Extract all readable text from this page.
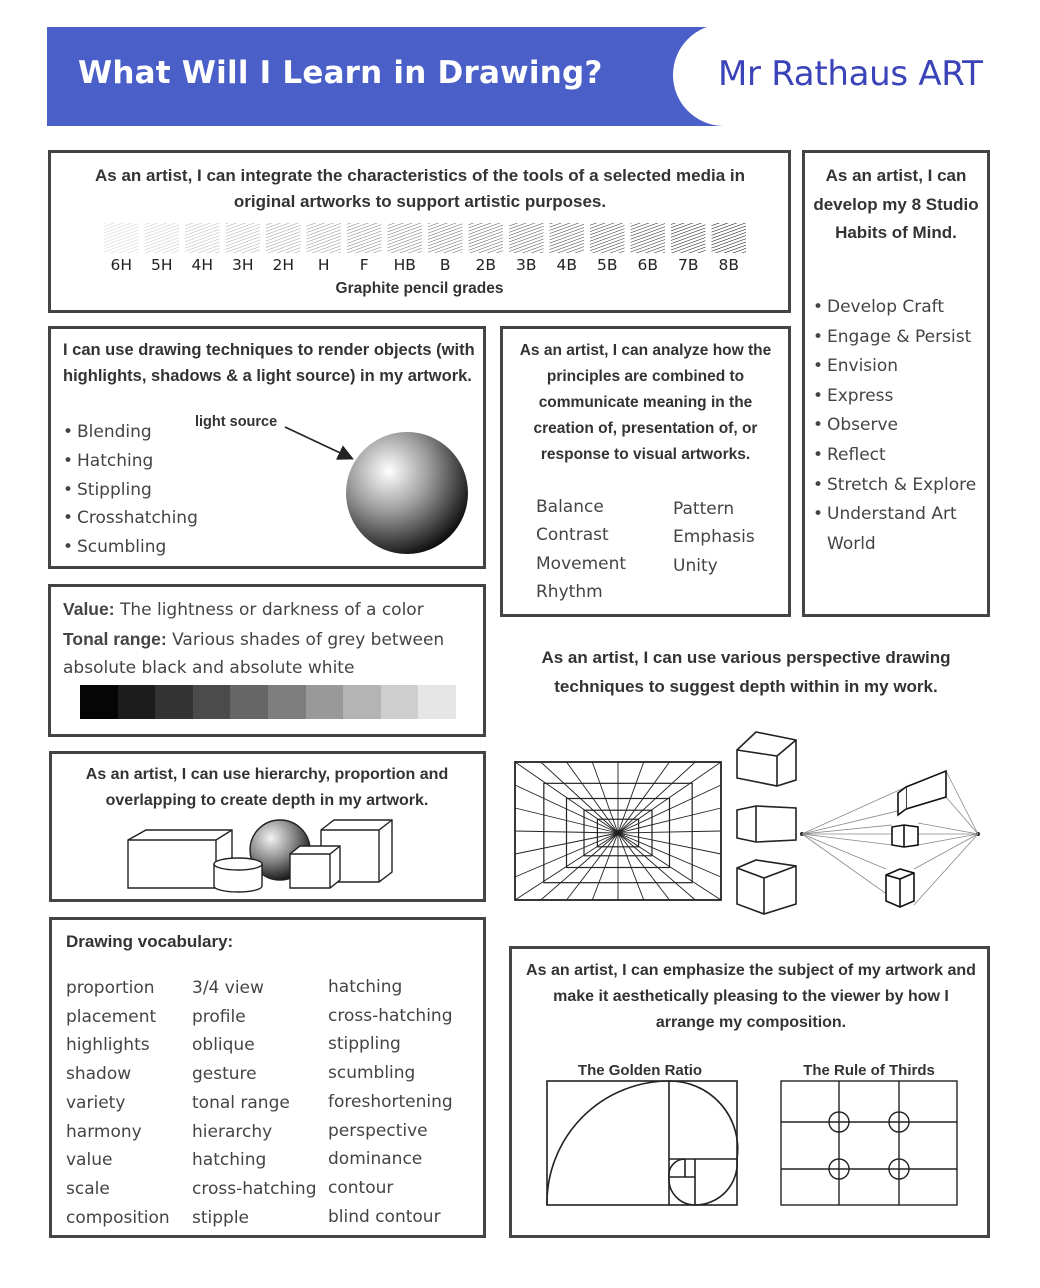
What Will I Learn in Drawing?	Mr Rathaus ART
As an artist, I can integrate the characteristics of the tools of a selected media in original artworks to support artistic purposes.
6H	5H	4H	3H	2H	H	F	HB	B	2B	3B	4B	5B	6B	7B	8B
Graphite pencil grades
As an artist, I can develop my 8 Studio Habits of Mind.
• Develop Craft
• Engage & Persist
• Envision
• Express
• Observe
• Reflect
• Stretch & Explore
• Understand Art World
I can use drawing techniques to render objects (with highlights, shadows & a light source) in my artwork.
• Blending
• Hatching
• Stippling
• Crosshatching
• Scumbling
light source
As an artist, I can analyze how the principles are combined to communicate meaning in the creation of, presentation of, or response to visual artworks.
Balance
Contrast
Movement
Rhythm
Pattern
Emphasis
Unity
Value: The lightness or darkness of a color
Tonal range: Various shades of grey between absolute black and absolute white
As an artist, I can use various perspective drawing techniques to suggest depth within in my work.
As an artist, I can use hierarchy, proportion and overlapping to create depth in my artwork.
Drawing vocabulary:
proportion
placement
highlights
shadow
variety
harmony
value
scale
composition
3/4 view
profile
oblique
gesture
tonal range
hierarchy
hatching
cross-hatching
stipple
hatching
cross-hatching
stippling
scumbling
foreshortening
perspective
dominance
contour
blind contour
As an artist, I can emphasize the subject of my artwork and make it aesthetically pleasing to the viewer by how I arrange my composition.
The Golden Ratio	The Rule of Thirds
